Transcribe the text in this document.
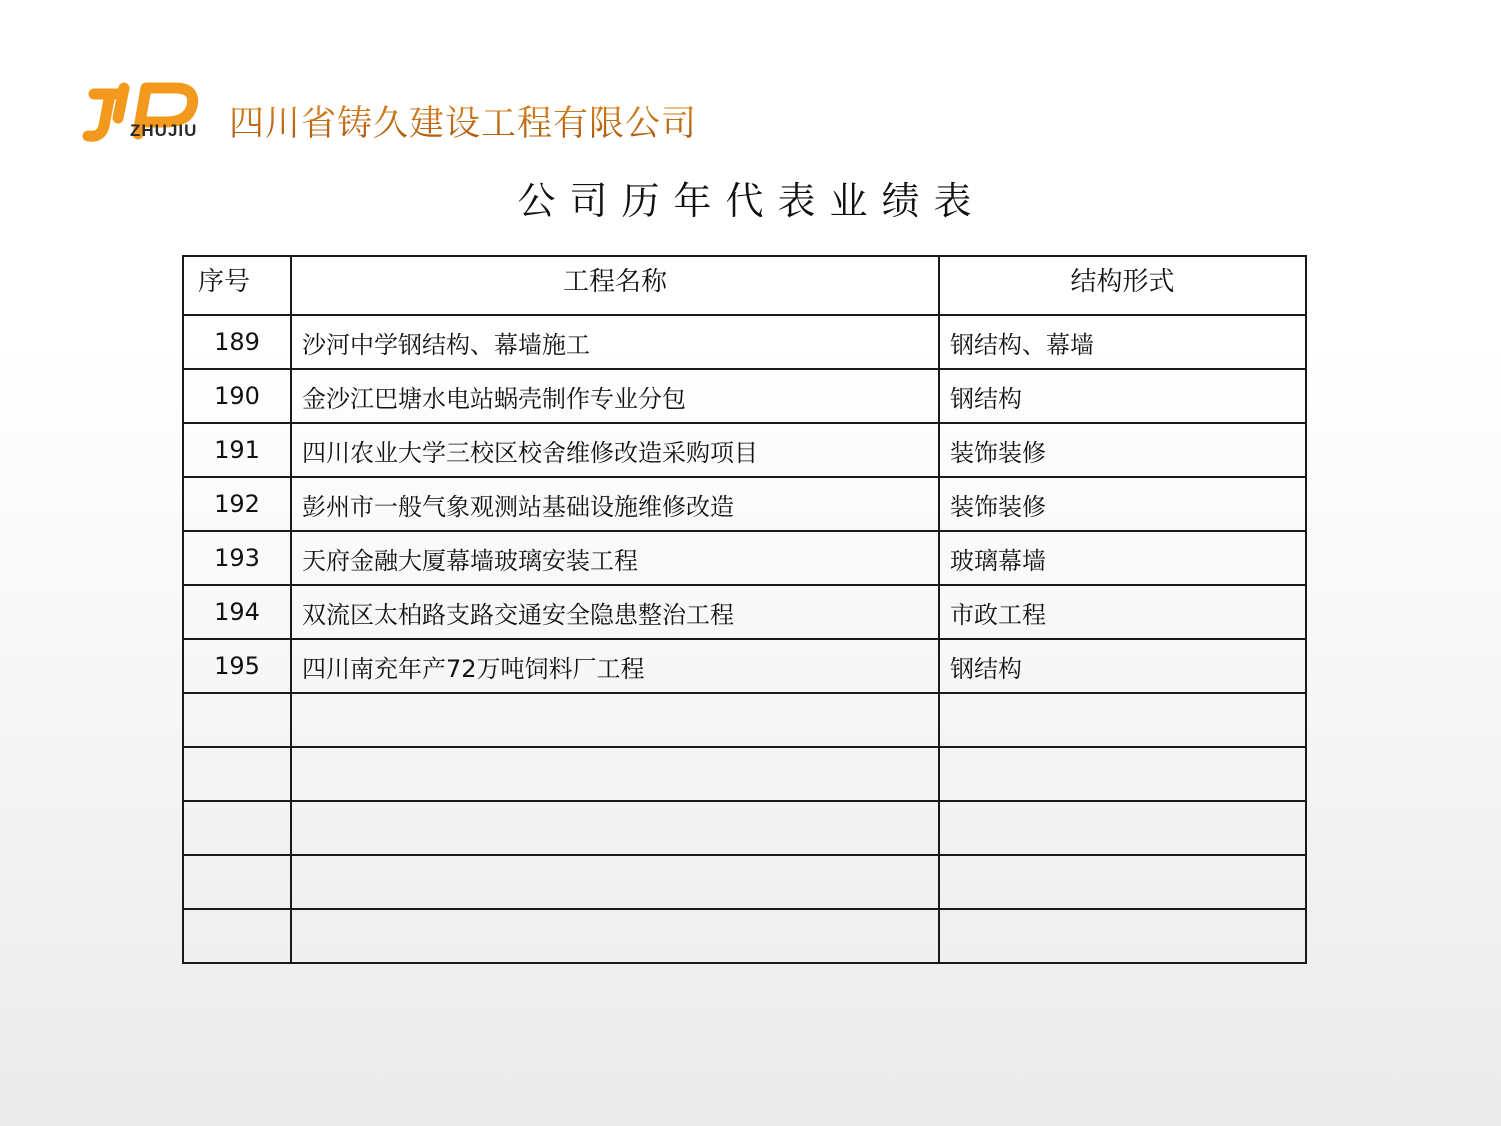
ZHUJIU 四川省铸久建设工程有限公司
公司历年代表业绩表
序号	工程名称	结构形式
189	沙河中学钢结构、幕墙施工	钢结构、幕墙
190	金沙江巴塘水电站蜗壳制作专业分包	钢结构
191	四川农业大学三校区校舍维修改造采购项目	装饰装修
192	彭州市一般气象观测站基础设施维修改造	装饰装修
193	天府金融大厦幕墙玻璃安装工程	玻璃幕墙
194	双流区太柏路支路交通安全隐患整治工程	市政工程
195	四川南充年产72万吨饲料厂工程	钢结构
